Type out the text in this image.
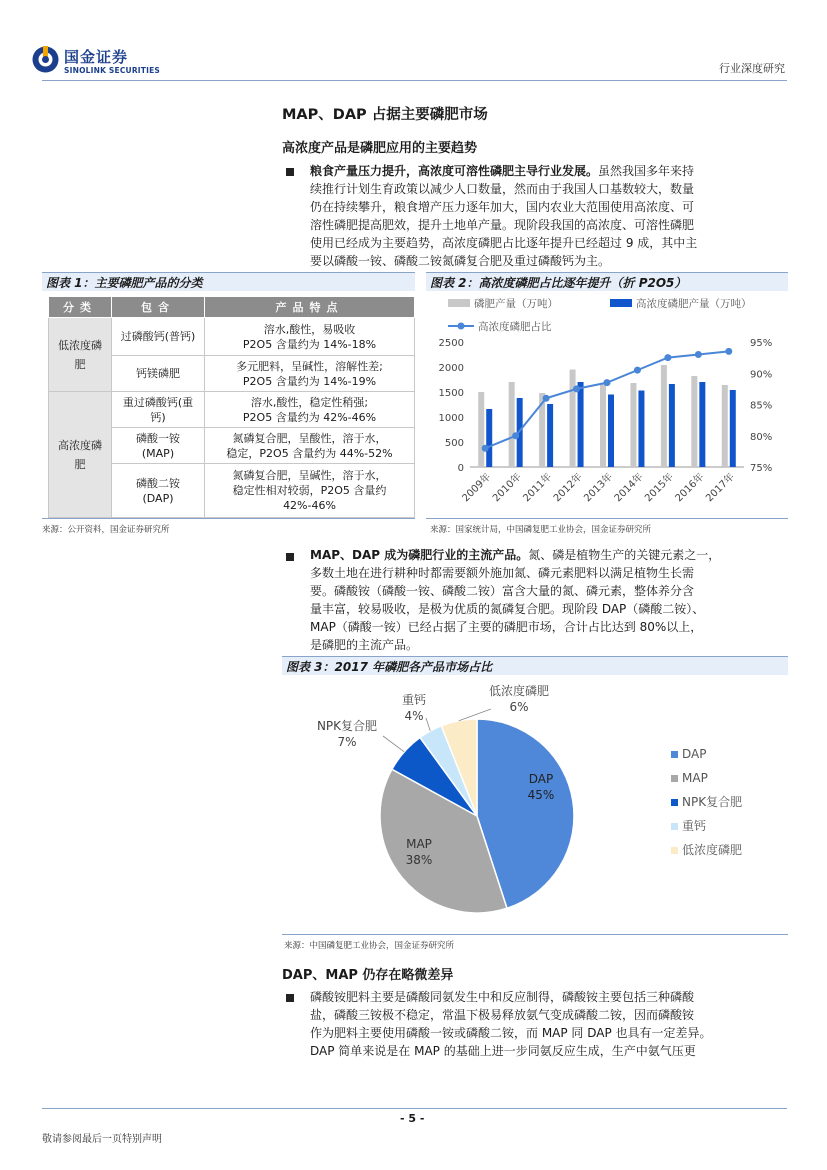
国金证券
SINOLINK SECURITIES	行业深度研究
MAP、DAP 占据主要磷肥市场
高浓度产品是磷肥应用的主要趋势
粮食产量压力提升，高浓度可溶性磷肥主导行业发展。虽然我国多年来持
续推行计划生育政策以减少人口数量，然而由于我国人口基数较大，数量
仍在持续攀升，粮食增产压力逐年加大，国内农业大范围使用高浓度、可
溶性磷肥提高肥效，提升土地单产量。现阶段我国的高浓度、可溶性磷肥
使用已经成为主要趋势，高浓度磷肥占比逐年提升已经超过 9 成，其中主
要以磷酸一铵、磷酸二铵氮磷复合肥及重过磷酸钙为主。
图表 1：主要磷肥产品的分类
分类	包含	产品特点

低浓度磷肥	过磷酸钙(普钙)	溶水,酸性，易吸收
P2O5 含量约为 14%-18%

	钙镁磷肥	多元肥料，呈碱性，溶解性差;
P2O5 含量约为 14%-19%

高浓度磷肥	重过磷酸钙(重钙)	溶水,酸性，稳定性稍强;
P2O5 含量约为 42%-46%

	磷酸一铵(MAP)	氮磷复合肥，呈酸性，溶于水，
稳定，P2O5 含量约为 44%-52%

	磷酸二铵(DAP)	氮磷复合肥，呈碱性，溶于水，
稳定性相对较弱，P2O5 含量约
42%-46%
来源：公开资料，国金证券研究所
图表 2：高浓度磷肥占比逐年提升（折 P2O5）
磷肥产量（万吨）	高浓度磷肥产量（万吨）
高浓度磷肥占比
0
500
1000
1500
2000
2500
75%
80%
85%
90%
95%
2009年
2010年
2011年
2012年
2013年
2014年
2015年
2016年
2017年
来源：国家统计局，中国磷复肥工业协会，国金证券研究所
MAP、DAP 成为磷肥行业的主流产品。氮、磷是植物生产的关键元素之一，
多数土地在进行耕种时都需要额外施加氮、磷元素肥料以满足植物生长需
要。磷酸铵（磷酸一铵、磷酸二铵）富含大量的氮、磷元素，整体养分含
量丰富，较易吸收，是极为优质的氮磷复合肥。现阶段 DAP（磷酸二铵）、
MAP（磷酸一铵）已经占据了主要的磷肥市场，合计占比达到 80%以上，
是磷肥的主流产品。
图表 3：2017 年磷肥各产品市场占比
DAP
45%
MAP
38%
NPK复合肥
7%
重钙
4%
低浓度磷肥
6%
DAP
MAP
NPK复合肥
重钙
低浓度磷肥
来源：中国磷复肥工业协会，国金证券研究所
DAP、MAP 仍存在略微差异
磷酸铵肥料主要是磷酸同氨发生中和反应制得，磷酸铵主要包括三种磷酸
盐，磷酸三铵极不稳定，常温下极易释放氨气变成磷酸二铵，因而磷酸铵
作为肥料主要使用磷酸一铵或磷酸二铵，而 MAP 同 DAP 也具有一定差异。
DAP 简单来说是在 MAP 的基础上进一步同氨反应生成，生产中氨气压更
- 5 -
敬请参阅最后一页特别声明
